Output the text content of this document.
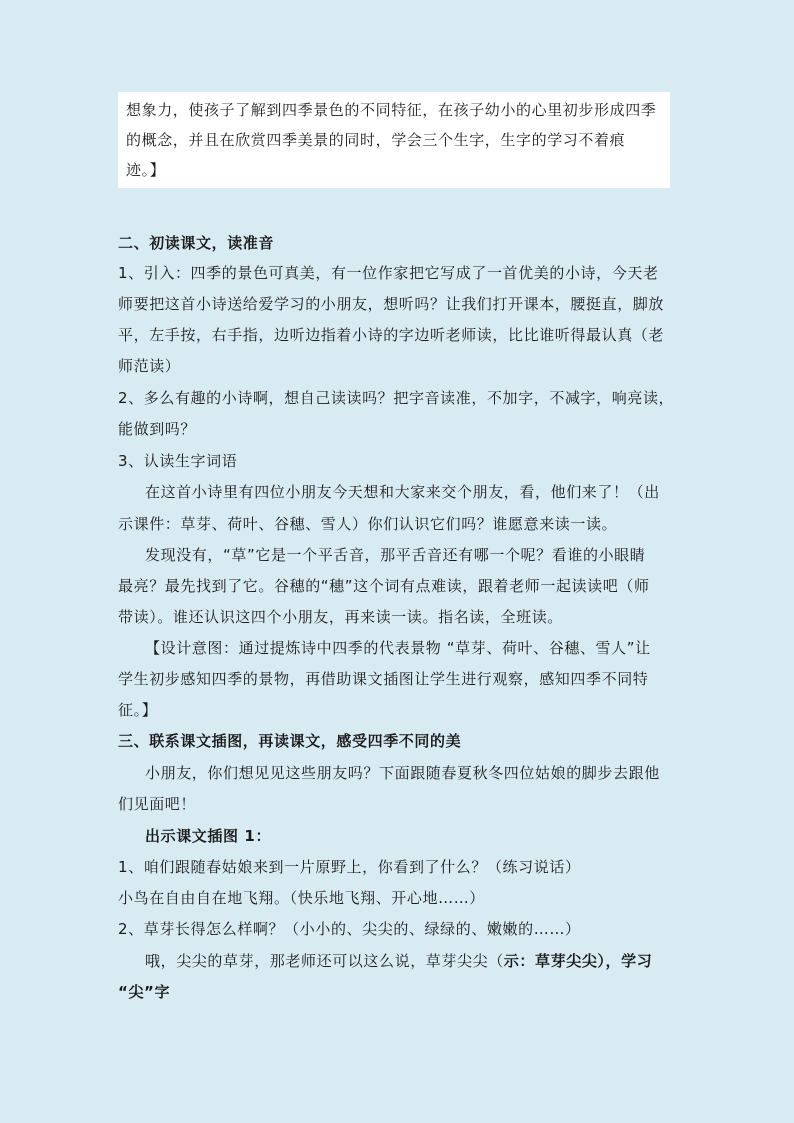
想象力，使孩子了解到四季景色的不同特征，在孩子幼小的心里初步形成四季
的概念，并且在欣赏四季美景的同时，学会三个生字，生字的学习不着痕
迹。】
二、初读课文，读准音
1、引入：四季的景色可真美，有一位作家把它写成了一首优美的小诗，今天老
师要把这首小诗送给爱学习的小朋友，想听吗？让我们打开课本，腰挺直，脚放
平，左手按，右手指，边听边指着小诗的字边听老师读，比比谁听得最认真（老
师范读）
2、多么有趣的小诗啊，想自己读读吗？把字音读准，不加字，不减字，响亮读，
能做到吗？
3、认读生字词语
在这首小诗里有四位小朋友今天想和大家来交个朋友，看，他们来了！（出
示课件：草芽、荷叶、谷穗、雪人）你们认识它们吗？谁愿意来读一读。
发现没有，“草”它是一个平舌音，那平舌音还有哪一个呢？看谁的小眼睛
最亮？最先找到了它。谷穗的“穗”这个词有点难读，跟着老师一起读读吧（师
带读）。谁还认识这四个小朋友，再来读一读。指名读，全班读。
【设计意图：通过提炼诗中四季的代表景物 “草芽、荷叶、谷穗、雪人”让
学生初步感知四季的景物，再借助课文插图让学生进行观察，感知四季不同特
征。】
三、联系课文插图，再读课文，感受四季不同的美
小朋友，你们想见见这些朋友吗？下面跟随春夏秋冬四位姑娘的脚步去跟他
们见面吧！
出示课文插图 1：
1、咱们跟随春姑娘来到一片原野上，你看到了什么？（练习说话）
小鸟在自由自在地飞翔。（快乐地飞翔、开心地……）
2、草芽长得怎么样啊？（小小的、尖尖的、绿绿的、嫩嫩的……）
哦，尖尖的草芽，那老师还可以这么说，草芽尖尖（示：草芽尖尖），学习
“尖”字
